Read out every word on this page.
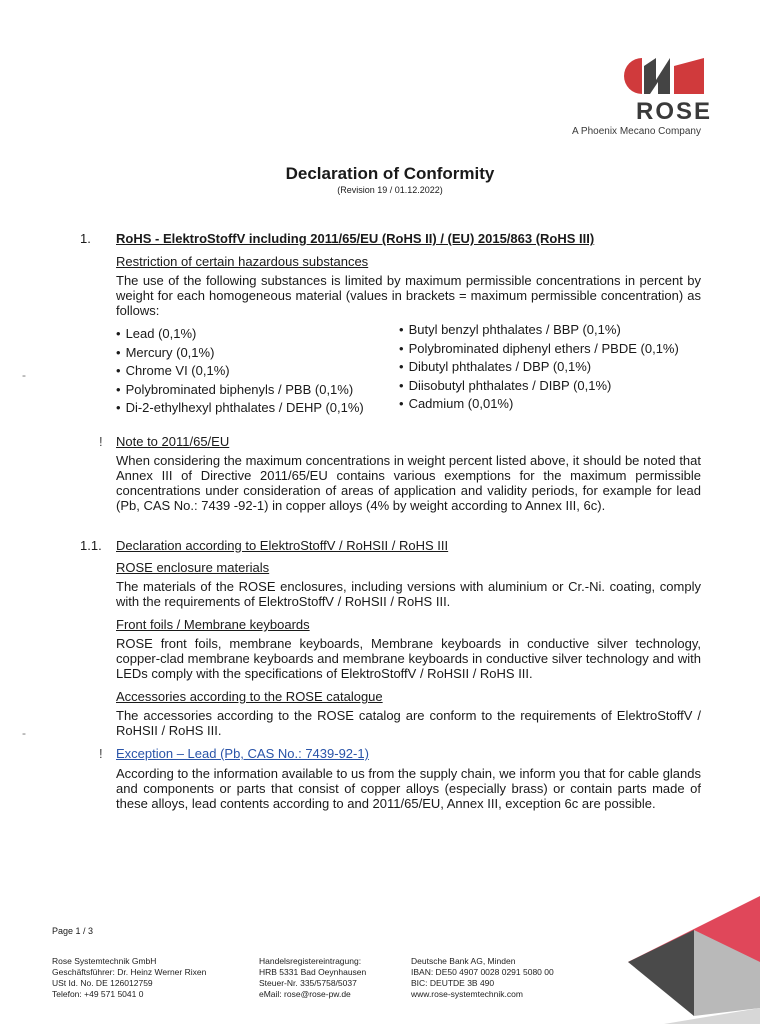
ROSE
A Phoenix Mecano Company
Declaration of Conformity
(Revision 19 / 01.12.2022)
1. RoHS - ElektroStoffV including 2011/65/EU (RoHS II) / (EU) 2015/863 (RoHS III)
Restriction of certain hazardous substances
The use of the following substances is limited by maximum permissible concentrations in percent by weight for each homogeneous material (values in brackets = maximum permissible concentration) as follows:
• Lead (0,1%)
• Mercury (0,1%)
• Chrome VI (0,1%)
• Polybrominated biphenyls / PBB (0,1%)
• Di-2-ethylhexyl phthalates / DEHP (0,1%)
• Butyl benzyl phthalates / BBP (0,1%)
• Polybrominated diphenyl ethers / PBDE (0,1%)
• Dibutyl phthalates / DBP (0,1%)
• Diisobutyl phthalates / DIBP (0,1%)
• Cadmium (0,01%)
! Note to 2011/65/EU
When considering the maximum concentrations in weight percent listed above, it should be noted that Annex III of Directive 2011/65/EU contains various exemptions for the maximum permissible concentrations under consideration of areas of application and validity periods, for example for lead (Pb, CAS No.: 7439 -92-1) in copper alloys (4% by weight according to Annex III, 6c).
-
-
1.1. Declaration according to ElektroStoffV / RoHSII / RoHS III
ROSE enclosure materials
The materials of the ROSE enclosures, including versions with aluminium or Cr.-Ni. coating, comply with the requirements of ElektroStoffV / RoHSII / RoHS III.
Front foils / Membrane keyboards
ROSE front foils, membrane keyboards, Membrane keyboards in conductive silver technology, copper-clad membrane keyboards and membrane keyboards in conductive silver technology and with LEDs comply with the specifications of ElektroStoffV / RoHSII / RoHS III.
Accessories according to the ROSE catalogue
The accessories according to the ROSE catalog are conform to the requirements of ElektroStoffV / RoHSII / RoHS III.
! Exception – Lead (Pb, CAS No.: 7439-92-1)
According to the information available to us from the supply chain, we inform you that for cable glands and components or parts that consist of copper alloys (especially brass) or contain parts made of these alloys, lead contents according to and 2011/65/EU, Annex III, exception 6c are possible.
Page 1 / 3
Rose Systemtechnik GmbH
Geschäftsführer: Dr. Heinz Werner Rixen
USt Id. No. DE 126012759
Telefon: +49 571 5041 0
Handelsregistereintragung:
HRB 5331 Bad Oeynhausen
Steuer-Nr. 335/5758/5037
eMail: rose@rose-pw.de
Deutsche Bank AG, Minden
IBAN: DE50 4907 0028 0291 5080 00
BIC: DEUTDE 3B 490
www.rose-systemtechnik.com
